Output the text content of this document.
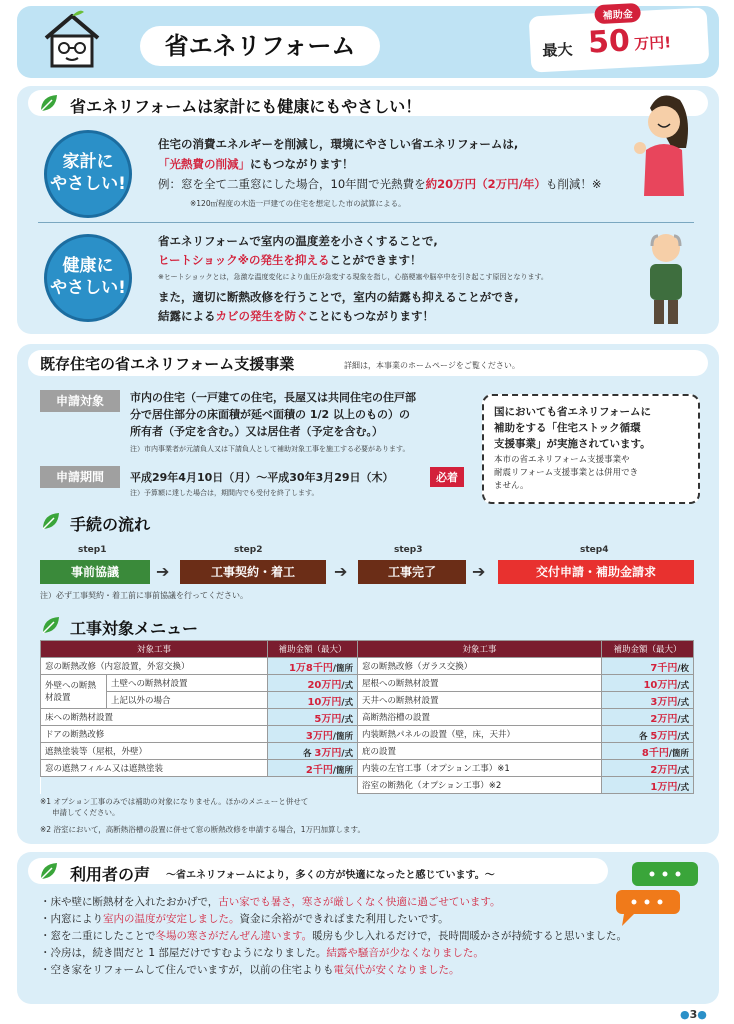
省エネリフォーム
補助金
最大 50 万円!
省エネリフォームは家計にも健康にもやさしい！
家計に
やさしい!
住宅の消費エネルギーを削減し，環境にやさしい省エネリフォームは,
「光熱費の削減」にもつながります！
例：窓を全て二重窓にした場合，10年間で光熱費を約20万円（2万円/年）も削減！※
※120㎡程度の木造一戸建ての住宅を想定した市の試算による。
健康に
やさしい!
省エネリフォームで室内の温度差を小さくすることで,
ヒートショック※の発生を抑えることができます！
※ヒートショックとは，急激な温度変化により血圧が急変する現象を指し，心筋梗塞や脳卒中を引き起こす原因となります。
また，適切に断熱改修を行うことで，室内の結露も抑えることができ,
結露によるカビの発生を防ぐことにもつながります！
既存住宅の省エネリフォーム支援事業	詳細は，本事業のホームページをご覧ください。
申請対象	市内の住宅（一戸建ての住宅，長屋又は共同住宅の住戸部
分で居住部分の床面積が延べ面積の 1/2 以上のもの）の
所有者（予定を含む。）又は居住者（予定を含む。）
注）市内事業者が元請負人又は下請負人として補助対象工事を施工する必要があります。
申請期間	平成29年4月10日（月）〜平成30年3月29日（木）	必着
注）予算額に達した場合は，期間内でも受付を終了します。
国においても省エネリフォームに
補助をする「住宅ストック循環
支援事業」が実施されています。
本市の省エネリフォーム支援事業や
耐震リフォーム支援事業とは併用でき
ません。
手続の流れ
step1
事前協議	➔
step2
工事契約・着工	➔
step3
工事完了	➔
step4
交付申請・補助金請求
注）必ず工事契約・着工前に事前協議を行ってください。
工事対象メニュー
対象工事		補助金額（最大）	対象工事	補助金額（最大）
窓の断熱改修（内窓設置，外窓交換）		1万8千円/箇所	窓の断熱改修（ガラス交換）	7千円/枚
外壁への断熱材設置	土壁への断熱材設置	20万円/式	屋根への断熱材設置	10万円/式
	上記以外の場合	10万円/式	天井への断熱材設置	3万円/式
床への断熱材設置		5万円/式	高断熱浴槽の設置	2万円/式
ドアの断熱改修		3万円/箇所	内装断熱パネルの設置（壁，床，天井）	各 5万円/式
遮熱塗装等（屋根，外壁）		各 3万円/式	庇の設置	8千円/箇所
窓の遮熱フィルム又は遮熱塗装		2千円/箇所	内装の左官工事（オプション工事）※1	2万円/式
			浴室の断熱化（オプション工事）※2	1万円/式
※1 オプション工事のみでは補助の対象になりません。ほかのメニューと併せて
申請してください。
※2 浴室において，高断熱浴槽の設置に併せて窓の断熱改修を申請する場合，1万円加算します。
利用者の声 〜省エネリフォームにより，多くの方が快適になったと感じています。〜
・ 床や壁に断熱材を入れたおかげで，古い家でも暑さ，寒さが厳しくなく快適に過ごせています。
・ 内窓により室内の温度が安定しました。資金に余裕ができればまた利用したいです。
・ 窓を二重にしたことで冬場の寒さがだんぜん違います。暖房も少し入れるだけで，長時間暖かさが持続すると思いました。
・ 冷房は，続き間だと 1 部屋だけですむようになりました。結露や騒音が少なくなりました。
・ 空き家をリフォームして住んでいますが，以前の住宅よりも電気代が安くなりました。
●3●
